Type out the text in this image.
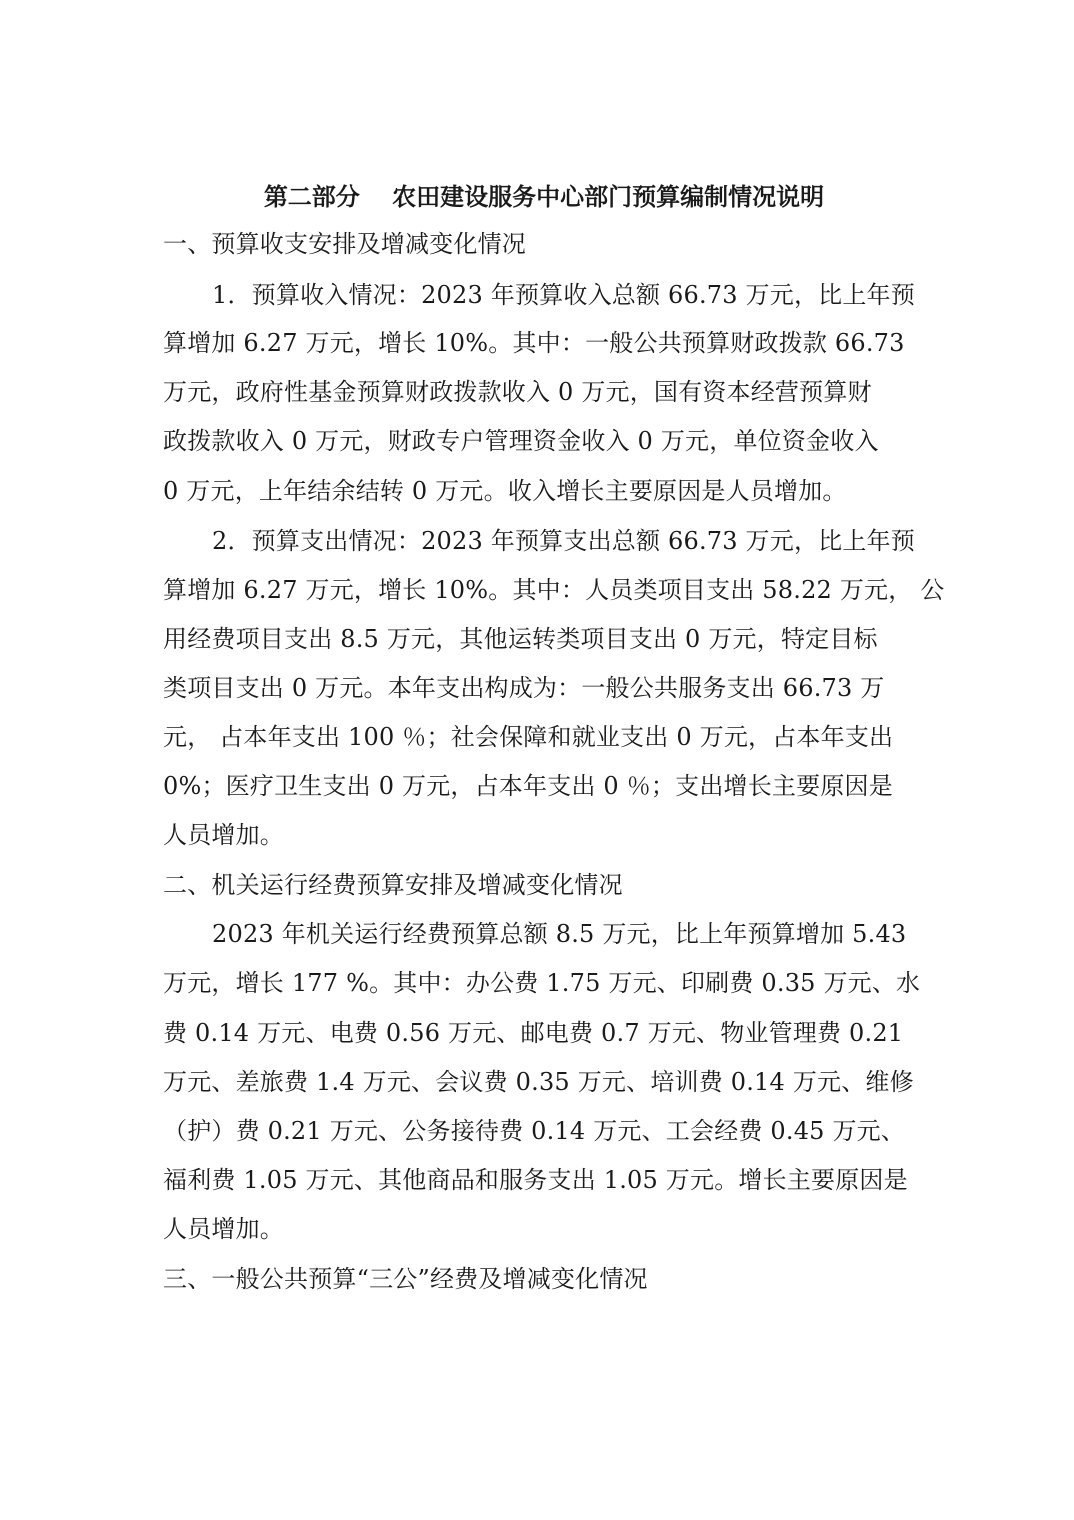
第二部分　 农田建设服务中心部门预算编制情况说明
一、预算收支安排及增减变化情况
1．预算收入情况：2023 年预算收入总额 66.73 万元，比上年预
算增加 6.27 万元，增长 10%。其中：一般公共预算财政拨款 66.73
万元，政府性基金预算财政拨款收入 0 万元，国有资本经营预算财
政拨款收入 0 万元，财政专户管理资金收入 0 万元，单位资金收入
0 万元，上年结余结转 0 万元。收入增长主要原因是人员增加。
2．预算支出情况：2023 年预算支出总额 66.73 万元，比上年预
算增加 6.27 万元，增长 10%。其中：人员类项目支出 58.22 万元， 公
用经费项目支出 8.5 万元，其他运转类项目支出 0 万元，特定目标
类项目支出 0 万元。本年支出构成为：一般公共服务支出 66.73 万
元， 占本年支出 100 ％；社会保障和就业支出 0 万元，占本年支出
0%；医疗卫生支出 0 万元，占本年支出 0 ％；支出增长主要原因是
人员增加。
二、机关运行经费预算安排及增减变化情况
2023 年机关运行经费预算总额 8.5 万元，比上年预算增加 5.43
万元，增长 177 %。其中：办公费 1.75 万元、印刷费 0.35 万元、水
费 0.14 万元、电费 0.56 万元、邮电费 0.7 万元、物业管理费 0.21
万元、差旅费 1.4 万元、会议费 0.35 万元、培训费 0.14 万元、维修
（护）费 0.21 万元、公务接待费 0.14 万元、工会经费 0.45 万元、
福利费 1.05 万元、其他商品和服务支出 1.05 万元。增长主要原因是
人员增加。
三、一般公共预算“三公”经费及增减变化情况
